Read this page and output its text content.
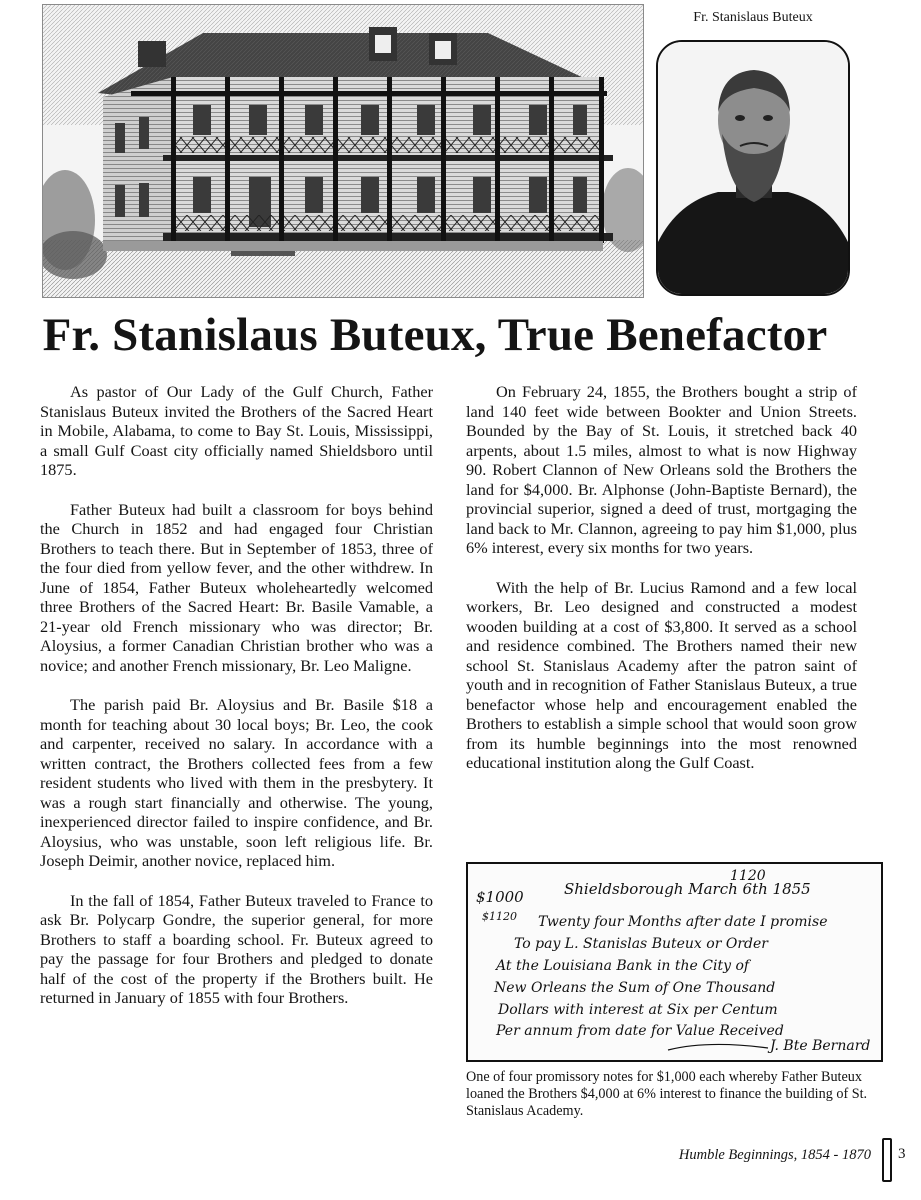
Fr. Stanislaus Buteux
Fr. Stanislaus Buteux, True Benefactor

As pastor of Our Lady of the Gulf Church, Father Stanislaus Buteux invited the Brothers of the Sacred Heart in Mobile, Alabama, to come to Bay St. Louis, Mississippi, a small Gulf Coast city officially named Shieldsboro until 1875.

Father Buteux had built a classroom for boys behind the Church in 1852 and had engaged four Christian Brothers to teach there. But in September of 1853, three of the four died from yellow fever, and the other withdrew. In June of 1854, Father Buteux wholeheartedly welcomed three Brothers of the Sacred Heart: Br. Basile Vamable, a 21-year old French missionary who was director; Br. Aloysius, a former Canadian Christian brother who was a novice; and another French missionary, Br. Leo Maligne.

The parish paid Br. Aloysius and Br. Basile $18 a month for teaching about 30 local boys; Br. Leo, the cook and carpenter, received no salary. In accordance with a written contract, the Brothers collected fees from a few resident students who lived with them in the presbytery. It was a rough start financially and otherwise. The young, inexperienced director failed to inspire confidence, and Br. Aloysius, who was unstable, soon left religious life. Br. Joseph Deimir, another novice, replaced him.

In the fall of 1854, Father Buteux traveled to France to ask Br. Polycarp Gondre, the superior general, for more Brothers to staff a boarding school. Fr. Buteux agreed to pay the passage for four Brothers and pledged to donate half of the cost of the property if the Brothers built. He returned in January of 1855 with four Brothers.

On February 24, 1855, the Brothers bought a strip of land 140 feet wide between Bookter and Union Streets. Bounded by the Bay of St. Louis, it stretched back 40 arpents, about 1.5 miles, almost to what is now Highway 90. Robert Clannon of New Orleans sold the Brothers the land for $4,000. Br. Alphonse (John-Baptiste Bernard), the provincial superior, signed a deed of trust, mortgaging the land back to Mr. Clannon, agreeing to pay him $1,000, plus 6% interest, every six months for two years.

With the help of Br. Lucius Ramond and a few local workers, Br. Leo designed and constructed a modest wooden building at a cost of $3,800. It served as a school and residence combined. The Brothers named their new school St. Stanislaus Academy after the patron saint of youth and in recognition of Father Stanislaus Buteux, a true benefactor whose help and encouragement enabled the Brothers to establish a simple school that would soon grow from its humble beginnings into the most renowned educational institution along the Gulf Coast.

1120
$1000
$1120
Shieldsborough March 6th 1855
Twenty four Months after date I promise
To pay L. Stanislas Buteux or Order
At the Louisiana Bank in the City of
New Orleans the Sum of One Thousand
Dollars with interest at Six per Centum
Per annum from date for Value Received
J. Bte Bernard
One of four promissory notes for $1,000 each whereby Father Buteux loaned the Brothers $4,000 at 6% interest to finance the building of St. Stanislaus Academy.
Humble Beginnings, 1854 - 1870 3
